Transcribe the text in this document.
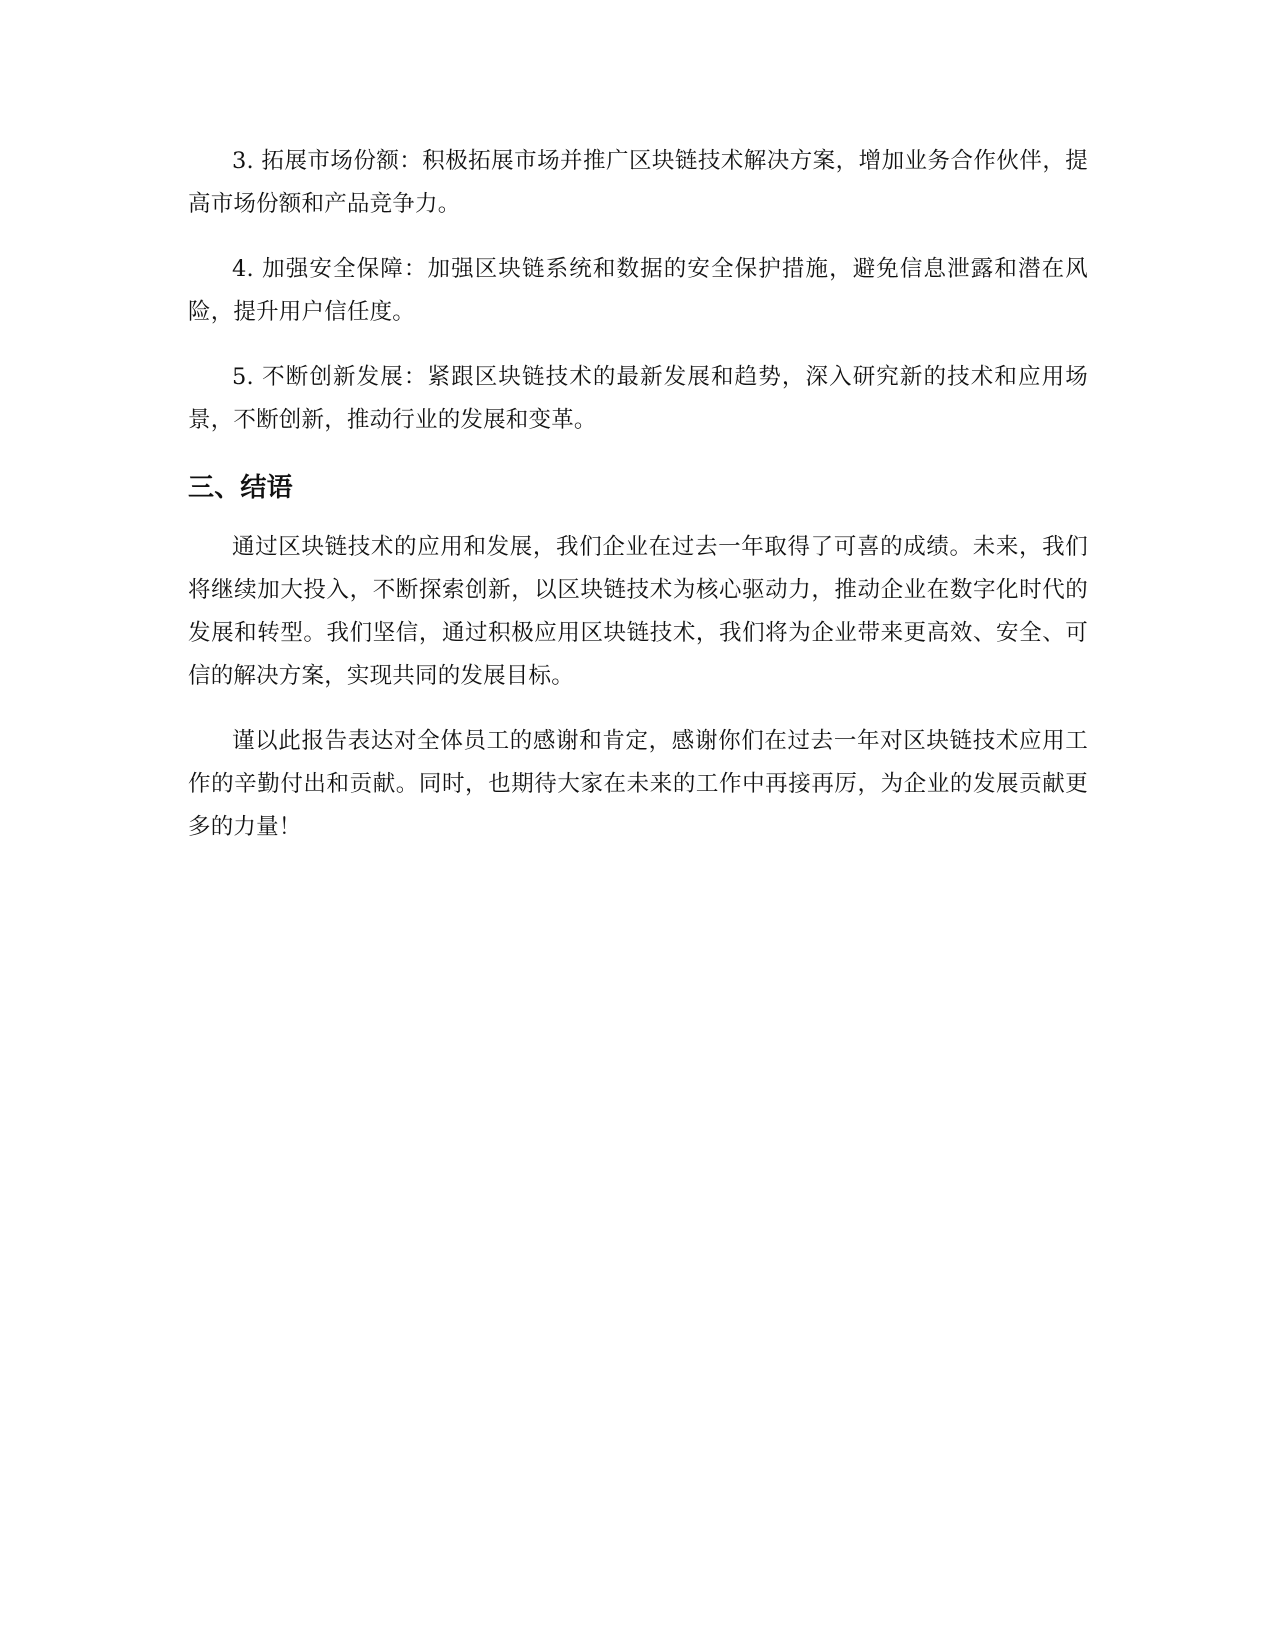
3. 拓展市场份额：积极拓展市场并推广区块链技术解决方案，增加业务合作伙伴，提高市场份额和产品竞争力。

4. 加强安全保障：加强区块链系统和数据的安全保护措施，避免信息泄露和潜在风险，提升用户信任度。

5. 不断创新发展：紧跟区块链技术的最新发展和趋势，深入研究新的技术和应用场景，不断创新，推动行业的发展和变革。

三、结语

通过区块链技术的应用和发展，我们企业在过去一年取得了可喜的成绩。未来，我们将继续加大投入，不断探索创新，以区块链技术为核心驱动力，推动企业在数字化时代的发展和转型。我们坚信，通过积极应用区块链技术，我们将为企业带来更高效、安全、可信的解决方案，实现共同的发展目标。

谨以此报告表达对全体员工的感谢和肯定，感谢你们在过去一年对区块链技术应用工作的辛勤付出和贡献。同时，也期待大家在未来的工作中再接再厉，为企业的发展贡献更多的力量！
